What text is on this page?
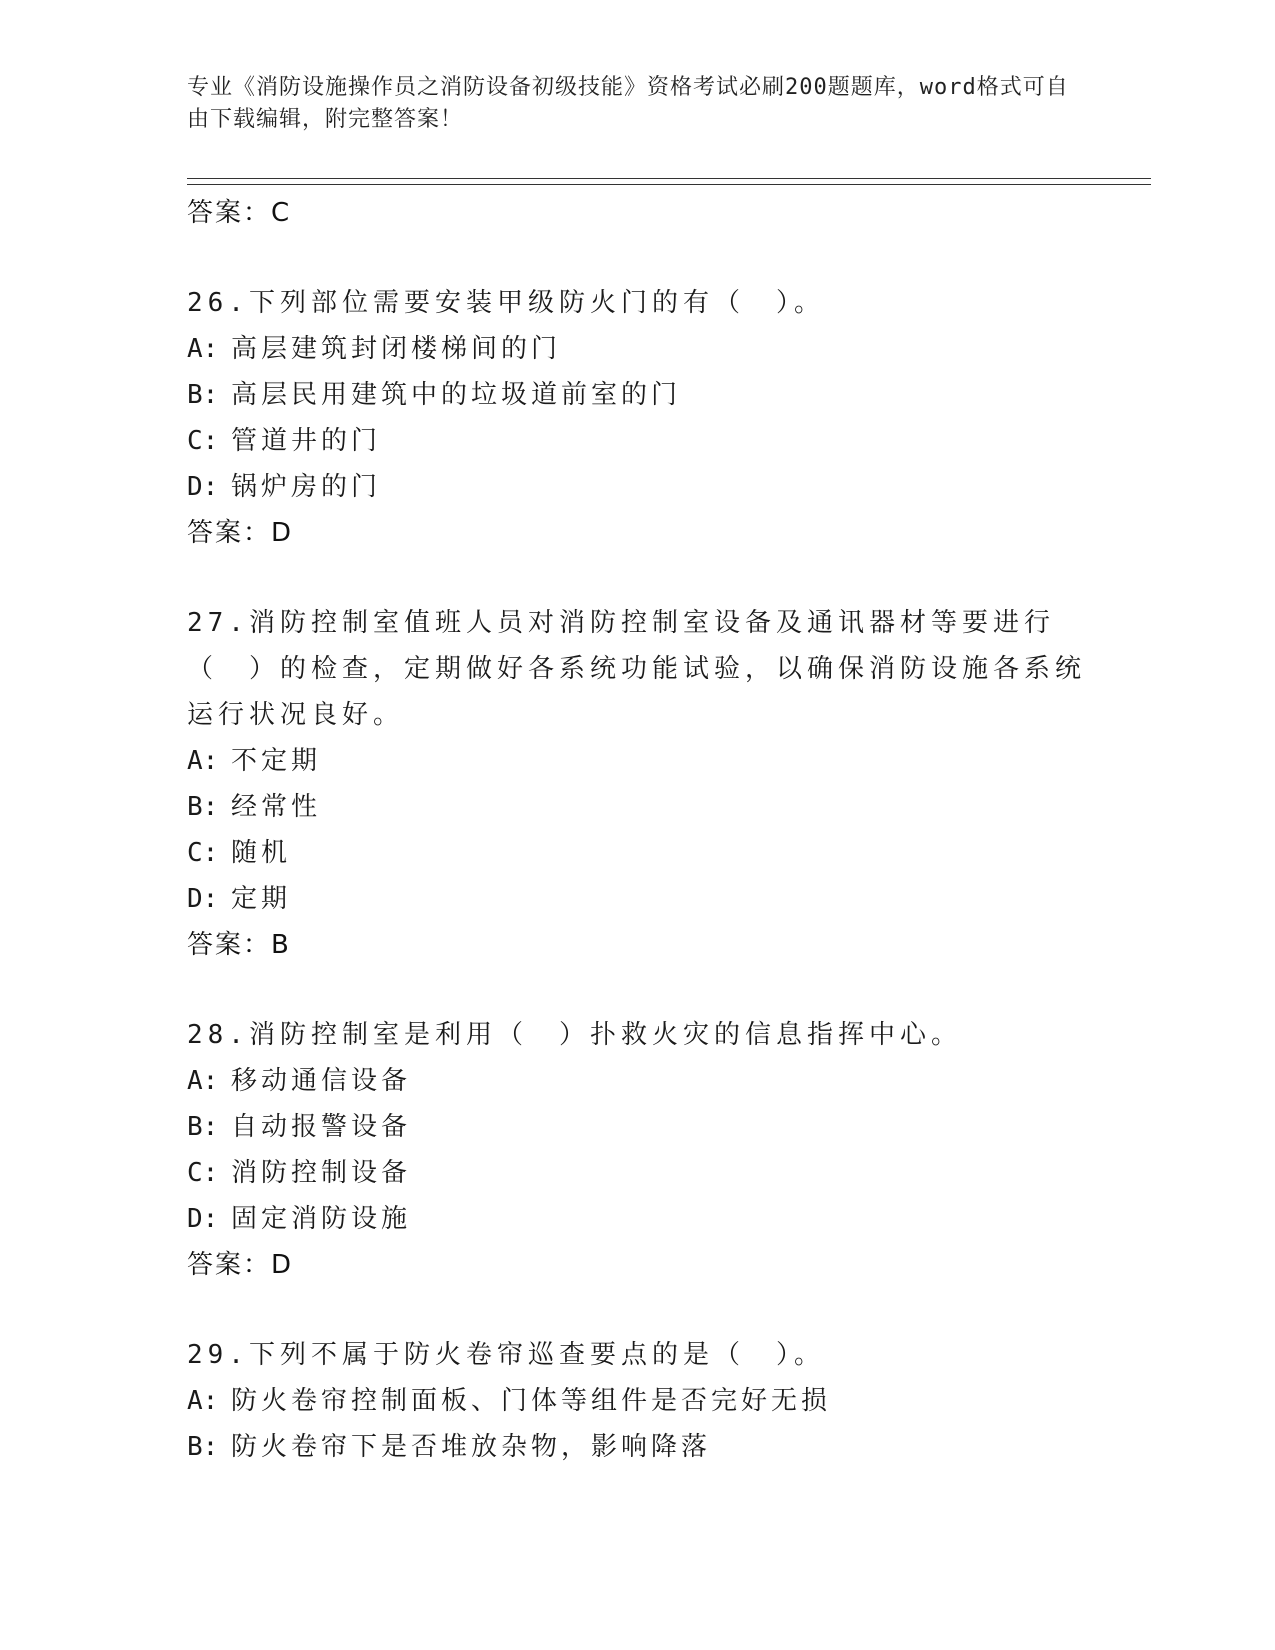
专业《消防设施操作员之消防设备初级技能》资格考试必刷200题题库，word格式可自由下载编辑，附完整答案！
答案：C
26.下列部位需要安装甲级防火门的有（　）。
A: 高层建筑封闭楼梯间的门
B: 高层民用建筑中的垃圾道前室的门
C: 管道井的门
D: 锅炉房的门
答案：D
27.消防控制室值班人员对消防控制室设备及通讯器材等要进行（　）的检查，定期做好各系统功能试验，以确保消防设施各系统运行状况良好。
A: 不定期
B: 经常性
C: 随机
D: 定期
答案：B
28.消防控制室是利用（　）扑救火灾的信息指挥中心。
A: 移动通信设备
B: 自动报警设备
C: 消防控制设备
D: 固定消防设施
答案：D
29.下列不属于防火卷帘巡查要点的是（　）。
A: 防火卷帘控制面板、门体等组件是否完好无损
B: 防火卷帘下是否堆放杂物，影响降落
